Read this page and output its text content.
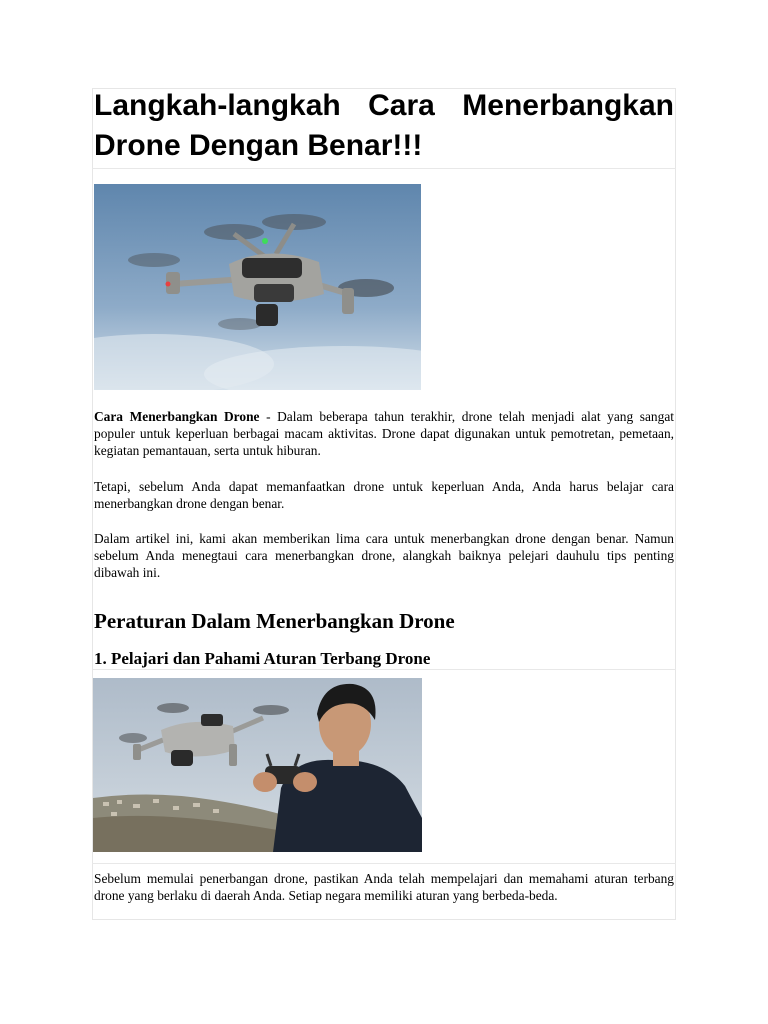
Langkah-langkah Cara Menerbangkan Drone Dengan Benar!!!

Cara Menerbangkan Drone - Dalam beberapa tahun terakhir, drone telah menjadi alat yang sangat populer untuk keperluan berbagai macam aktivitas. Drone dapat digunakan untuk pemotretan, pemetaan, kegiatan pemantauan, serta untuk hiburan.

Tetapi, sebelum Anda dapat memanfaatkan drone untuk keperluan Anda, Anda harus belajar cara menerbangkan drone dengan benar.

Dalam artikel ini, kami akan memberikan lima cara untuk menerbangkan drone dengan benar. Namun sebelum Anda menegtaui cara menerbangkan drone, alangkah baiknya pelejari dauhulu tips penting dibawah ini.

Peraturan Dalam Menerbangkan Drone
1. Pelajari dan Pahami Aturan Terbang Drone

Sebelum memulai penerbangan drone, pastikan Anda telah mempelajari dan memahami aturan terbang drone yang berlaku di daerah Anda. Setiap negara memiliki aturan yang berbeda-beda.
